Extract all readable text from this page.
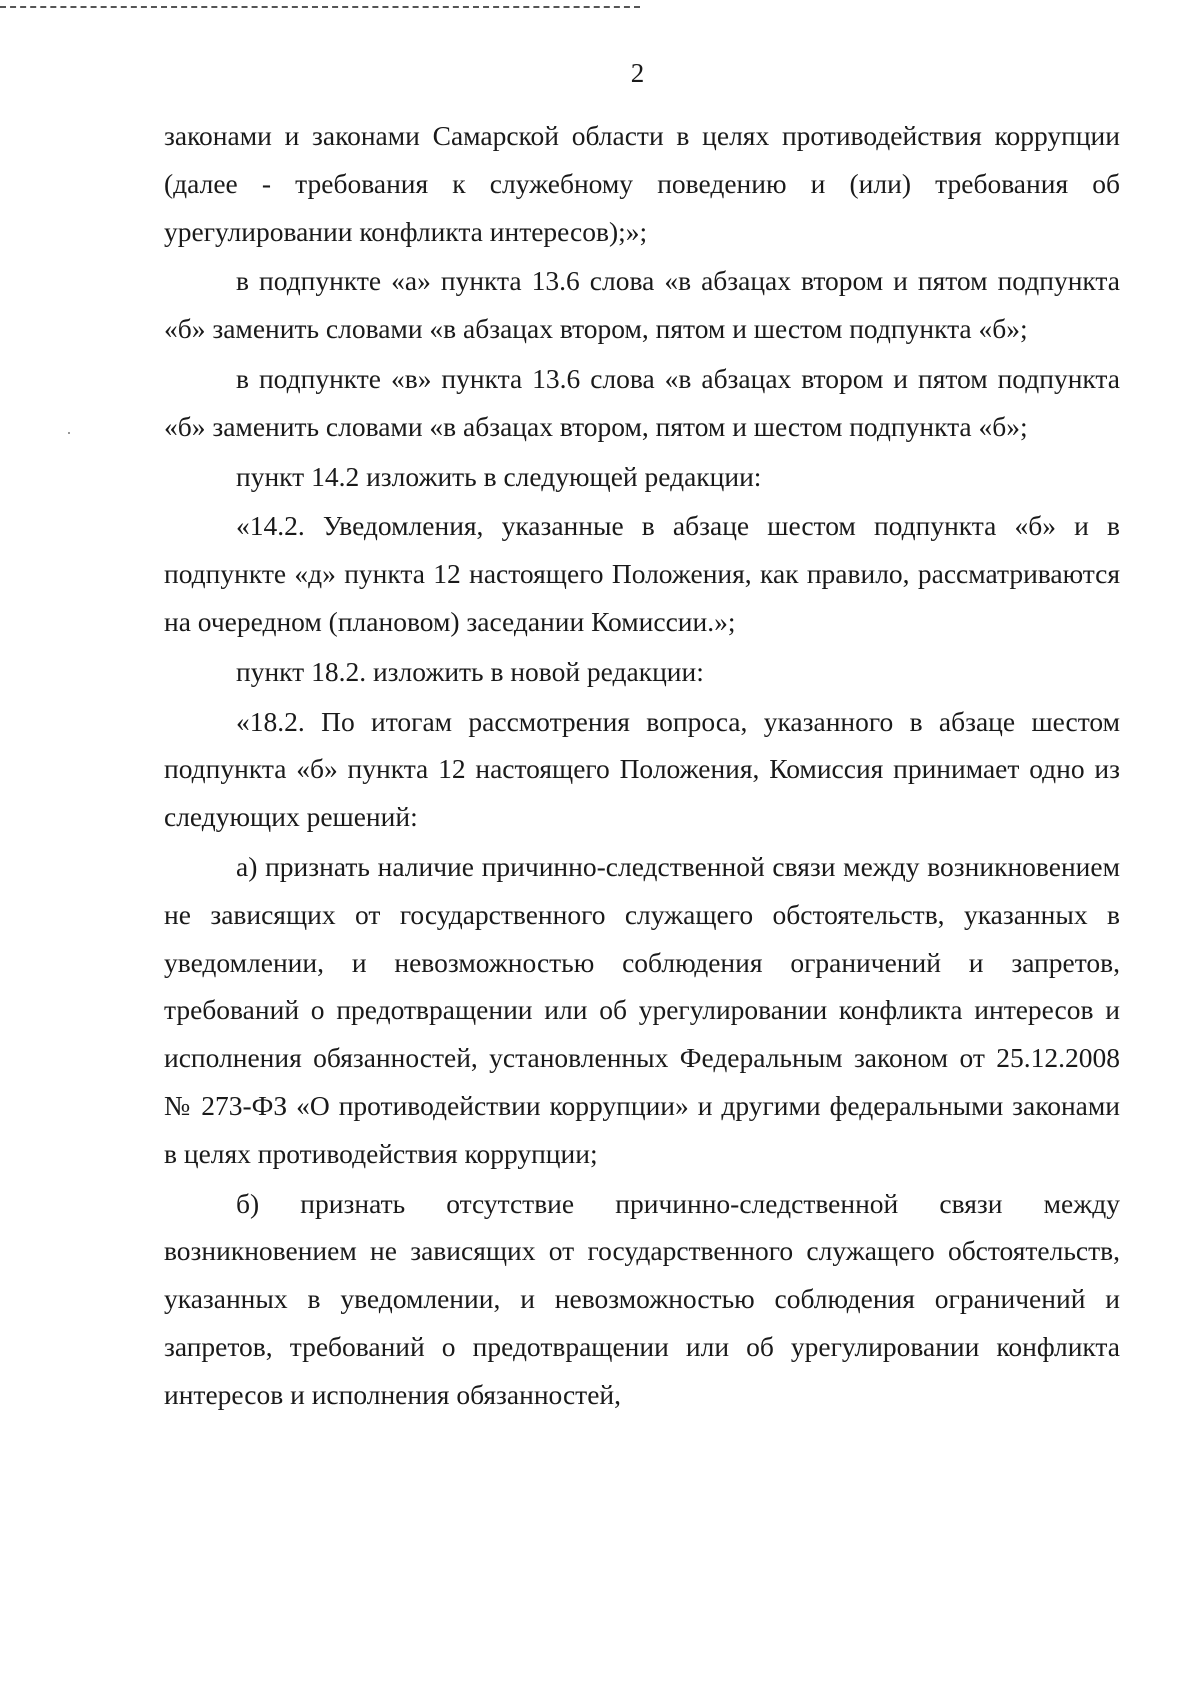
2

законами и законами Самарской области в целях противодействия коррупции (далее - требования к служебному поведению и (или) требования об урегулировании конфликта интересов);»;

в подпункте «а» пункта 13.6 слова «в абзацах втором и пятом подпункта «б» заменить словами «в абзацах втором, пятом и шестом подпункта «б»;

в подпункте «в» пункта 13.6 слова «в абзацах втором и пятом подпункта «б» заменить словами «в абзацах втором, пятом и шестом подпункта «б»;

пункт 14.2 изложить в следующей редакции:

«14.2. Уведомления, указанные в абзаце шестом подпункта «б» и в подпункте «д» пункта 12 настоящего Положения, как правило, рассматриваются на очередном (плановом) заседании Комиссии.»;

пункт 18.2. изложить в новой редакции:

«18.2. По итогам рассмотрения вопроса, указанного в абзаце шестом подпункта «б» пункта 12 настоящего Положения, Комиссия принимает одно из следующих решений:

а) признать наличие причинно-следственной связи между возникновением не зависящих от государственного служащего обстоятельств, указанных в уведомлении, и невозможностью соблюдения ограничений и запретов, требований о предотвращении или об урегулировании конфликта интересов и исполнения обязанностей, установленных Федеральным законом от 25.12.2008 № 273-ФЗ «О противодействии коррупции» и другими федеральными законами в целях противодействия коррупции;

б) признать отсутствие причинно-следственной связи между возникновением не зависящих от государственного служащего обстоятельств, указанных в уведомлении, и невозможностью соблюдения ограничений и запретов, требований о предотвращении или об урегулировании конфликта интересов и исполнения обязанностей,
